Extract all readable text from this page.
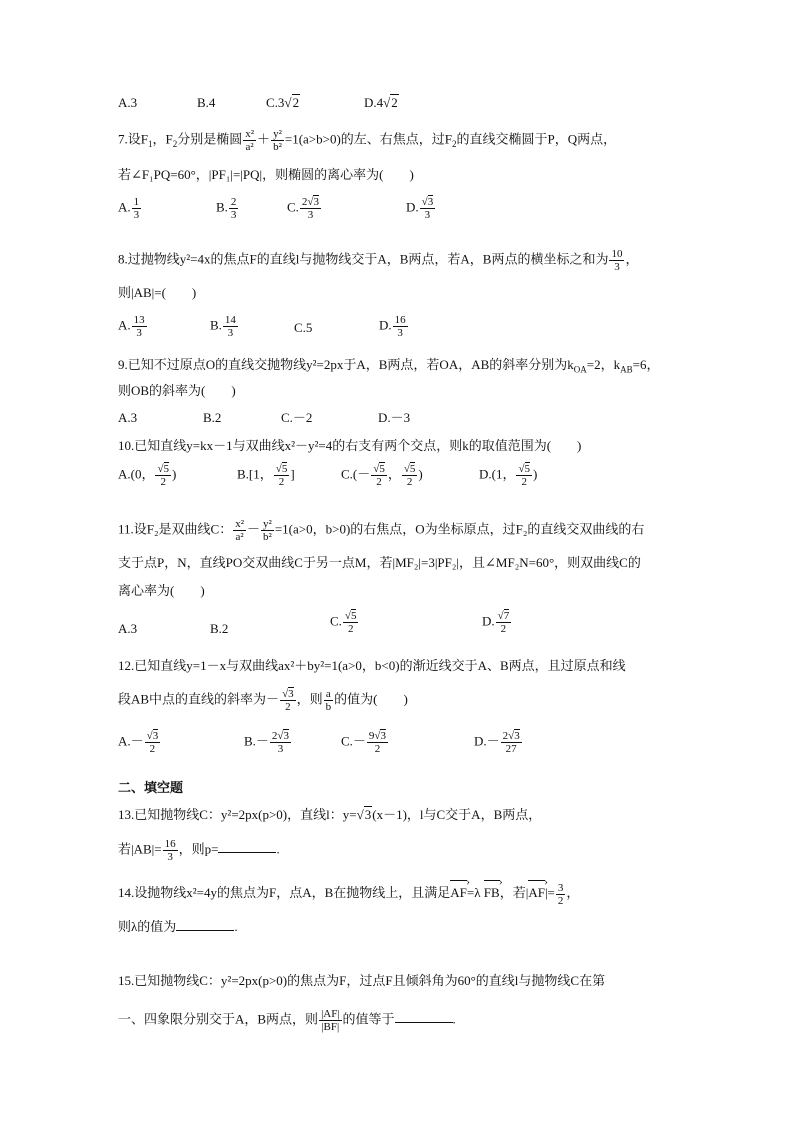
A.3	B.4	C.3√2	D.4√2
7.设$F_1$，$F_2$分别是椭圆 $\frac{\text{x²}}{\text{a²}} + \frac{\text{y²}}{\text{b²}} =1(a>b>0)$的左、右焦点，过$F_2$的直线交椭圆于P，Q两点，
若∠F₁PQ=60°，|PF₁|=|PQ|，则椭圆的离心率为(　　)
A. $\frac{1}{3}$	B. $\frac{2}{3}$	C. $\frac{2√3}{3}$	D. $\frac{√3}{3}$
8.过抛物线y²=4x的焦点F的直线l与抛物线交于A，B两点，若A，B两点的横坐标之和为 $\frac{10}{3}$ ，
则|AB|=(　　)
A. $\frac{13}{3}$	B. $\frac{14}{3}$	C.5	D. $\frac{16}{3}$
9.已知不过原点O的直线交抛物线y²=2px于A，B两点，若OA，AB的斜率分别为$k_{OA}=2$，$k_{AB}=6$，
则OB的斜率为(　　)
A.3	B.2	C.－2	D.－3
10.已知直线y=kx－1与双曲线x²－y²=4的右支有两个交点，则k的取值范围为(　　)
A.(0， $\frac{√5}{2}$ )	B.[1， $\frac{√5}{2}$ ]	$C.(- \frac{√5}{2}$ ， $\frac{√5}{2}$ )	D.(1， $\frac{√5}{2}$ )
11.设F₂是双曲线C： $\frac{\text{x²}}{\text{a²}} - \frac{\text{y²}}{\text{b²}} =1(a>0$，b>0)的右焦点，O为坐标原点，过F₂的直线交双曲线的右
支于点P，N，直线PO交双曲线C于另一点M，若|MF₂|=3|PF₂|，且∠MF₂N=60°，则双曲线C的
离心率为(　　)
A.3	B.2
C. $\frac{√5}{2}$	D. $\frac{√7}{2}$
12.已知直线y=1－x与双曲线ax²＋by²=1(a>0，b<0)的渐近线交于A、B两点，且过原点和线
段AB中点的直线的斜率为－ $\frac{√3}{2}$ ，则 $\frac{a}{b}$ 的值为(　　)
$A.- \frac{√3}{2}$	$B.- \frac{2√3}{3}$	$C.- \frac{9√3}{2}$	$D.- \frac{2√3}{27}$
二、填空题
13.已知抛物线C：y²=2px(p>0)，直线l：y=√3(x－1)，l与C交于A，B两点，
若$|AB|= \frac{16}{3}$ ，则p=	.
14.设抛物线x²=4y的焦点为F，点A，B在抛物线上，且满足AF ›=λ FB ›，若|AF ›|= $\frac{3}{2}$ ，
则λ的值为	.
15.已知抛物线C：y²=2px(p>0)的焦点为F，过点F且倾斜角为60°的直线l与抛物线C在第
一、四象限分别交于A，B两点，则 $\frac{|AF|}{|BF|}$ 的值等于	.
